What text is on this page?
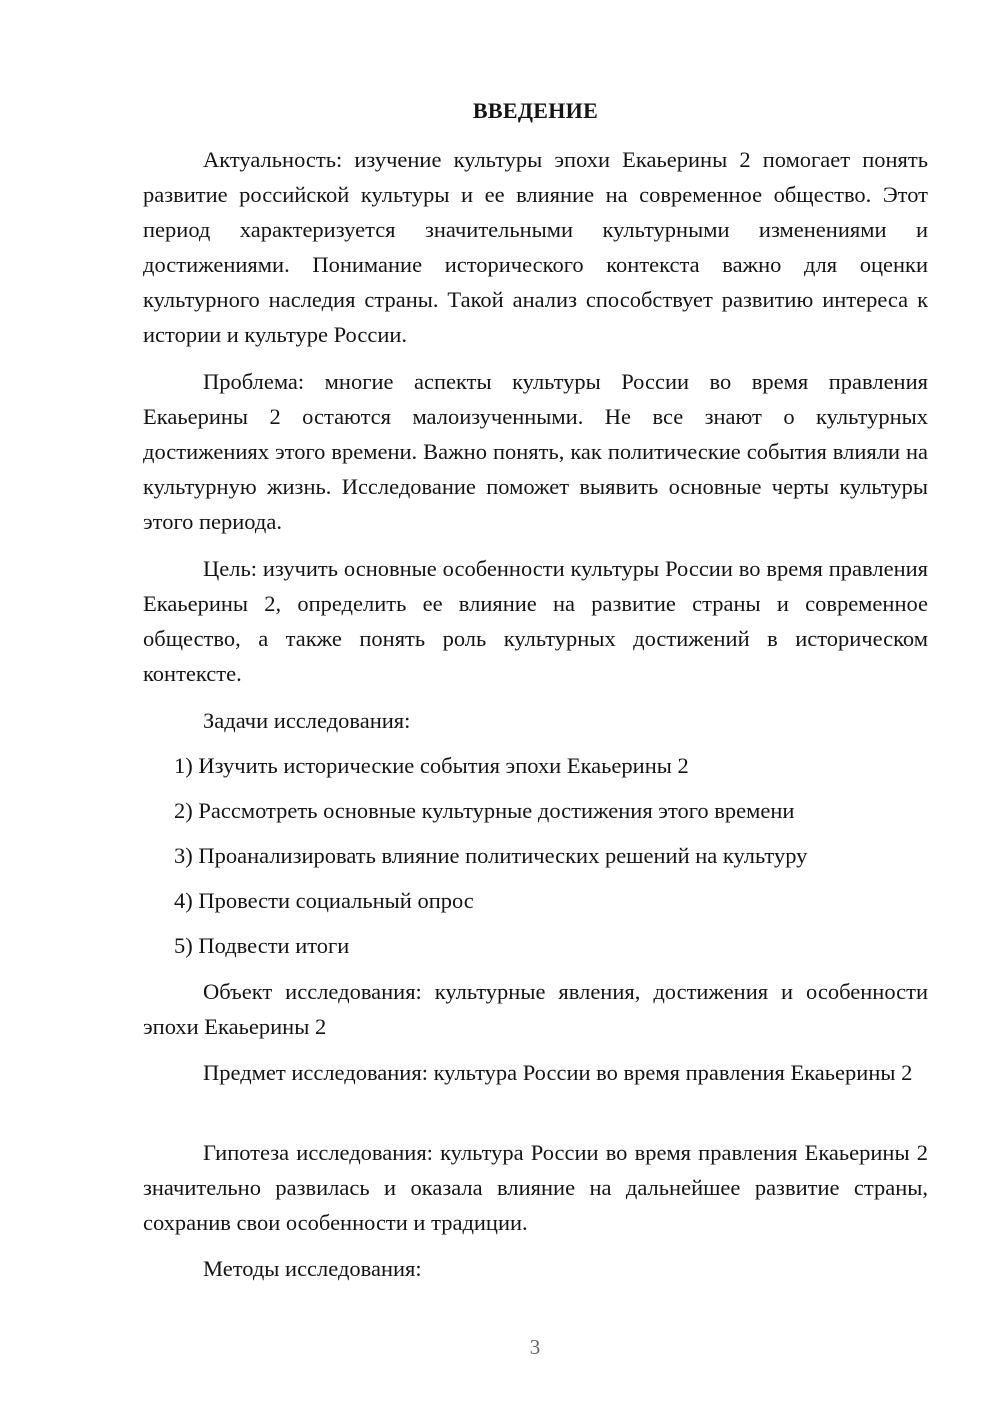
ВВЕДЕНИЕ

Актуальность: изучение культуры эпохи Екаьерины 2 помогает понять развитие российской культуры и ее влияние на современное общество. Этот период характеризуется значительными культурными изменениями и достижениями. Понимание исторического контекста важно для оценки культурного наследия страны. Такой анализ способствует развитию интереса к истории и культуре России.

Проблема: многие аспекты культуры России во время правления Екаьерины 2 остаются малоизученными. Не все знают о культурных достижениях этого времени. Важно понять, как политические события влияли на культурную жизнь. Исследование поможет выявить основные черты культуры этого периода.

Цель: изучить основные особенности культуры России во время правления Екаьерины 2, определить ее влияние на развитие страны и современное общество, а также понять роль культурных достижений в историческом контексте.

Задачи исследования:

1) Изучить исторические события эпохи Екаьерины 2

2) Рассмотреть основные культурные достижения этого времени

3) Проанализировать влияние политических решений на культуру

4) Провести социальный опрос

5) Подвести итоги

Объект исследования: культурные явления, достижения и особенности эпохи Екаьерины 2

Предмет исследования: культура России во время правления Екаьерины 2

Гипотеза исследования: культура России во время правления Екаьерины 2 значительно развилась и оказала влияние на дальнейшее развитие страны, сохранив свои особенности и традиции.

Методы исследования:

3
